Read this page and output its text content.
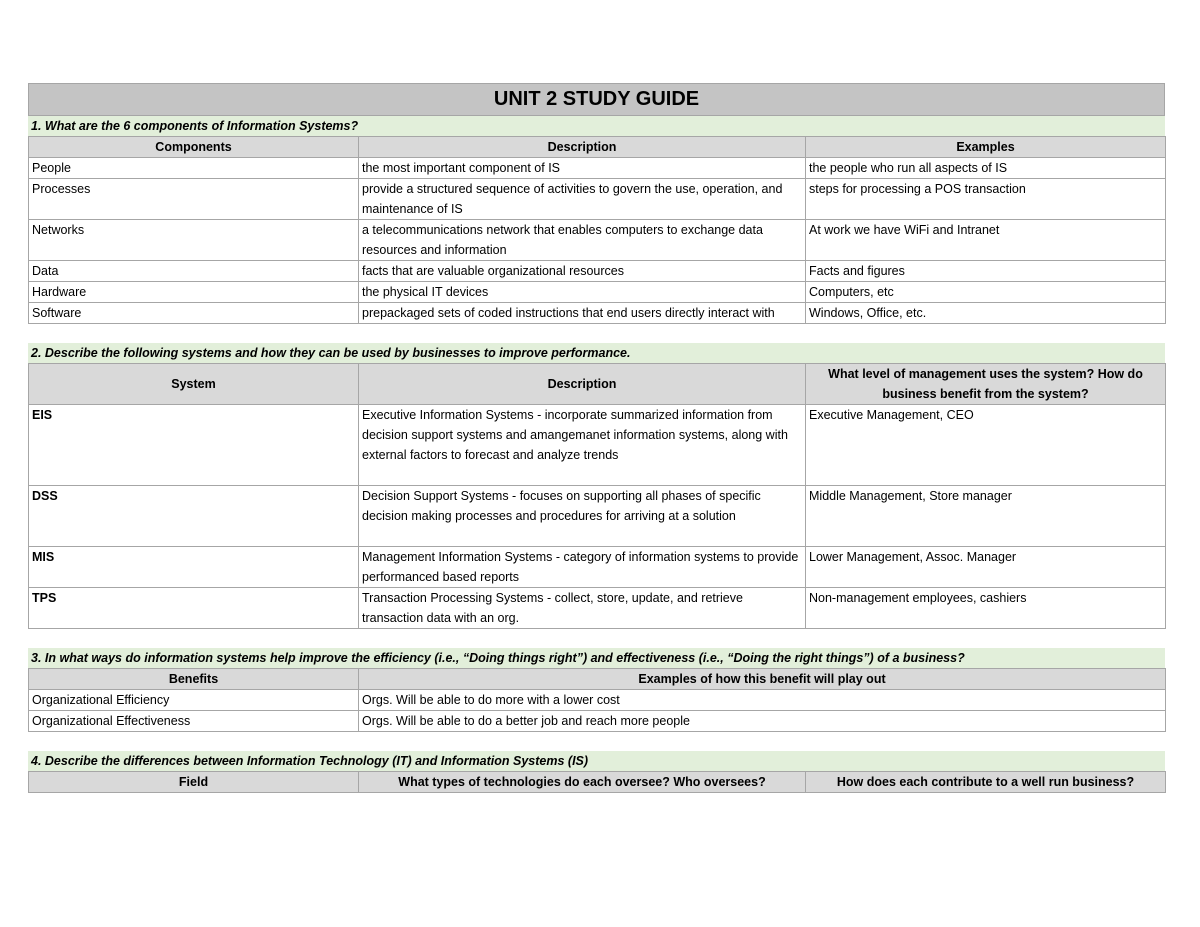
UNIT 2 STUDY GUIDE
1. What are the 6 components of Information Systems?
Components	Description	Examples
People	the most important component of IS	the people who run all aspects of IS
Processes	provide a structured sequence of activities to govern the use, operation, and maintenance of IS	steps for processing a POS transaction
Networks	a telecommunications network that enables computers to exchange data resources and information	At work we have WiFi and Intranet
Data	facts that are valuable organizational resources	Facts and figures
Hardware	the physical IT devices	Computers, etc
Software	prepackaged sets of coded instructions that end users directly interact with	Windows, Office, etc.
2. Describe the following systems and how they can be used by businesses to improve performance.
System	Description	What level of management uses the system? How do business benefit from the system?
EIS	Executive Information Systems - incorporate summarized information from decision support systems and amangemanet information systems, along with external factors to forecast and analyze trends	Executive Management, CEO
DSS	Decision Support Systems - focuses on supporting all phases of specific decision making processes and procedures for arriving at a solution	Middle Management, Store manager
MIS	Management Information Systems - category of information systems to provide performanced based reports	Lower Management, Assoc. Manager
TPS	Transaction Processing Systems - collect, store, update, and retrieve transaction data with an org.	Non-management employees, cashiers
3. In what ways do information systems help improve the efficiency (i.e., “Doing things right”) and effectiveness (i.e., “Doing the right things”) of a business?
Benefits	Examples of how this benefit will play out
Organizational Efficiency	Orgs. Will be able to do more with a lower cost
Organizational Effectiveness	Orgs. Will be able to do a better job and reach more people
4. Describe the differences between Information Technology (IT) and Information Systems (IS)
Field	What types of technologies do each oversee? Who oversees?	How does each contribute to a well run business?
